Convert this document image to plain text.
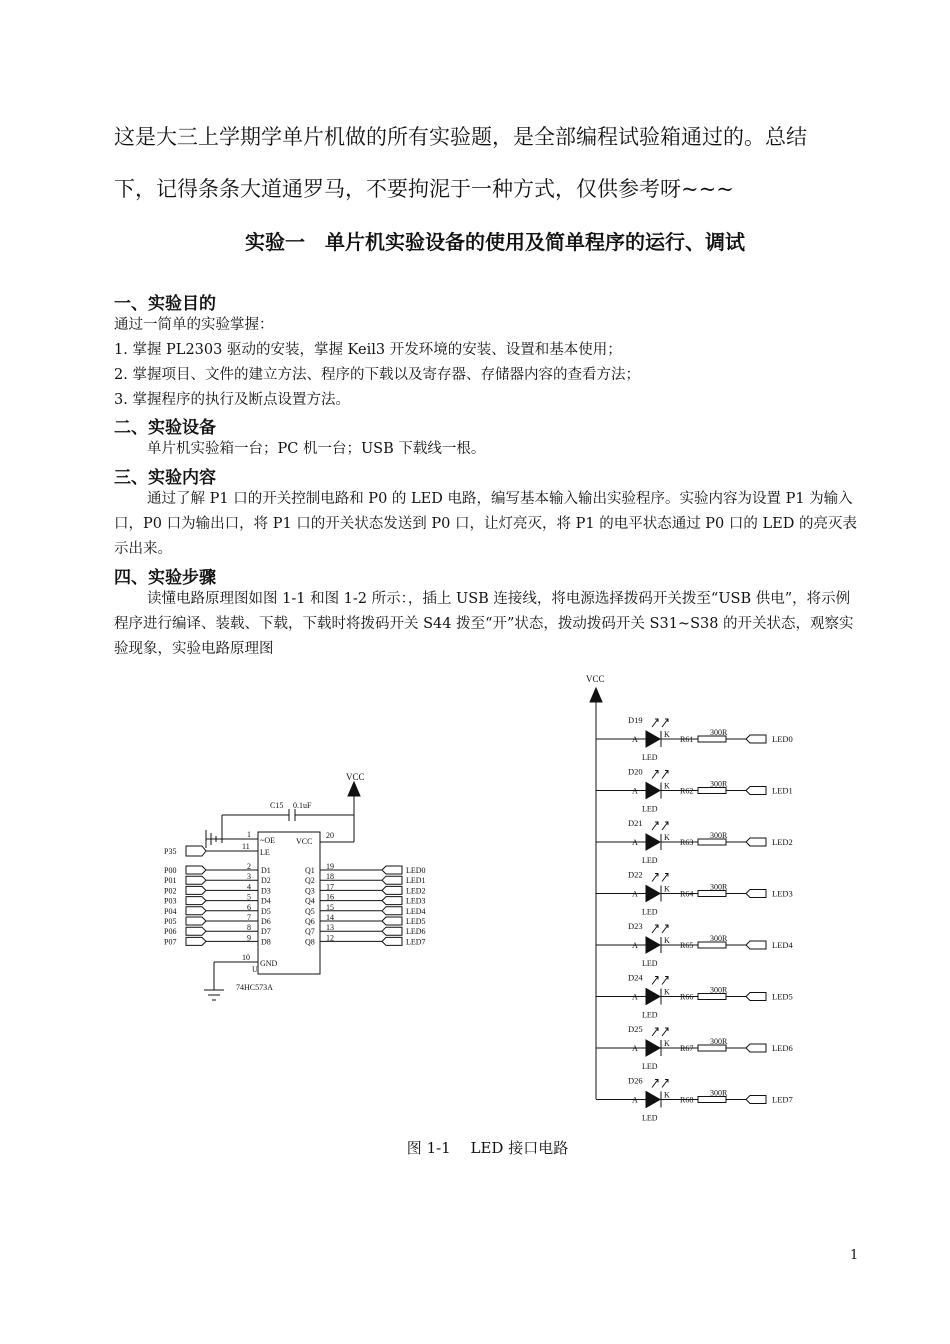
这是大三上学期学单片机做的所有实验题，是全部编程试验箱通过的。总结
下，记得条条大道通罗马，不要拘泥于一种方式，仅供参考呀~~~
实验一　单片机实验设备的使用及简单程序的运行、调试
一、实验目的
通过一简单的实验掌握：
1. 掌握 PL2303 驱动的安装，掌握 Keil3 开发环境的安装、设置和基本使用；
2. 掌握项目、文件的建立方法、程序的下载以及寄存器、存储器内容的查看方法；
3. 掌握程序的执行及断点设置方法。
二、实验设备
单片机实验箱一台；PC 机一台；USB 下载线一根。
三、实验内容
通过了解 P1 口的开关控制电路和 P0 的 LED 电路，编写基本输入输出实验程序。实验内容为设置 P1 为输入口，P0 口为输出口，将 P1 口的开关状态发送到 P0 口，让灯亮灭，将 P1 的电平状态通过 P0 口的 LED 的亮灭表示出来。
四、实验步骤
读懂电路原理图如图 1-1 和图 1-2 所示：，插上 USB 连接线，将电源选择拨码开关拨至“USB 供电”，将示例程序进行编译、装载、下载，下载时将拨码开关 S44 拨至“开”状态，拨动拨码开关 S31~S38 的开关状态，观察实验现象，实验电路原理图
P00	2 D1
P01	3 D2
P02	4 D3
P03	5 D4
P04	6 D5
P05	7 D6
P06	8 D7
P07	9 D8
Q1 19	LED0
Q2 18	LED1
Q3 17	LED2
Q4 16	LED3
Q5 15	LED4
Q6 14	LED5
Q7 13	LED6
Q8 12	LED7
VCC
C15 0.1uF
~OE
LE
VCC
GND
U
1
11
20
10
P35
74HC573A
VCC
D19
A
K
R61
300R
LED0
LED
D20
A
K
R62
300R
LED1
LED
D21
A
K
R63
300R
LED2
LED
D22
A
K
R64
300R
LED3
LED
D23
A
K
R65
300R
LED4
LED
D24
A
K
R66
300R
LED5
LED
D25
A
K
R67
300R
LED6
LED
D26
A
K
R68
300R
LED7
LED
图 1-1　 LED 接口电路
1
